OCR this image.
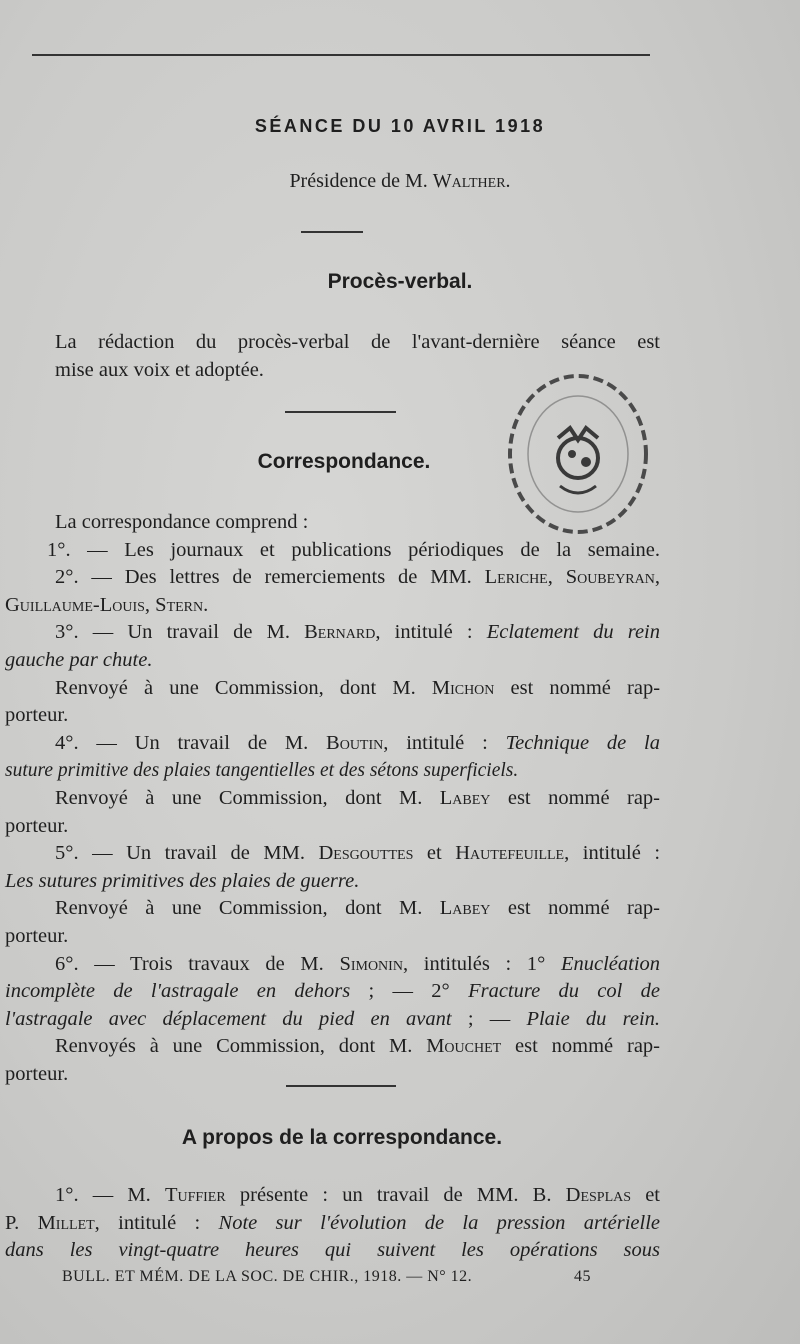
SÉANCE DU 10 AVRIL 1918
Présidence de M. Walther.
Procès-verbal.
La rédaction du procès-verbal de l'avant-dernière séance est
mise aux voix et adoptée.
Correspondance.
La correspondance comprend :
1°. — Les journaux et publications périodiques de la semaine.
2°. — Des lettres de remerciements de MM. Leriche, Soubeyran,
Guillaume-Louis, Stern.
3°. — Un travail de M. Bernard, intitulé : Eclatement du rein
gauche par chute.
Renvoyé à une Commission, dont M. Michon est nommé rap-
porteur.
4°. — Un travail de M. Boutin, intitulé : Technique de la
suture primitive des plaies tangentielles et des sétons superficiels.
Renvoyé à une Commission, dont M. Labey est nommé rap-
porteur.
5°. — Un travail de MM. Desgouttes et Hautefeuille, intitulé :
Les sutures primitives des plaies de guerre.
Renvoyé à une Commission, dont M. Labey est nommé rap-
porteur.
6°. — Trois travaux de M. Simonin, intitulés : 1° Enucléation
incomplète de l'astragale en dehors ; — 2° Fracture du col de
l'astragale avec déplacement du pied en avant ; — Plaie du rein.
Renvoyés à une Commission, dont M. Mouchet est nommé rap-
porteur.
A propos de la correspondance.
1°. — M. Tuffier présente : un travail de MM. B. Desplas et
P. Millet, intitulé : Note sur l'évolution de la pression artérielle
dans les vingt-quatre heures qui suivent les opérations sous
BULL. ET MÉM. DE LA SOC. DE CHIR., 1918. — N° 12.	45
